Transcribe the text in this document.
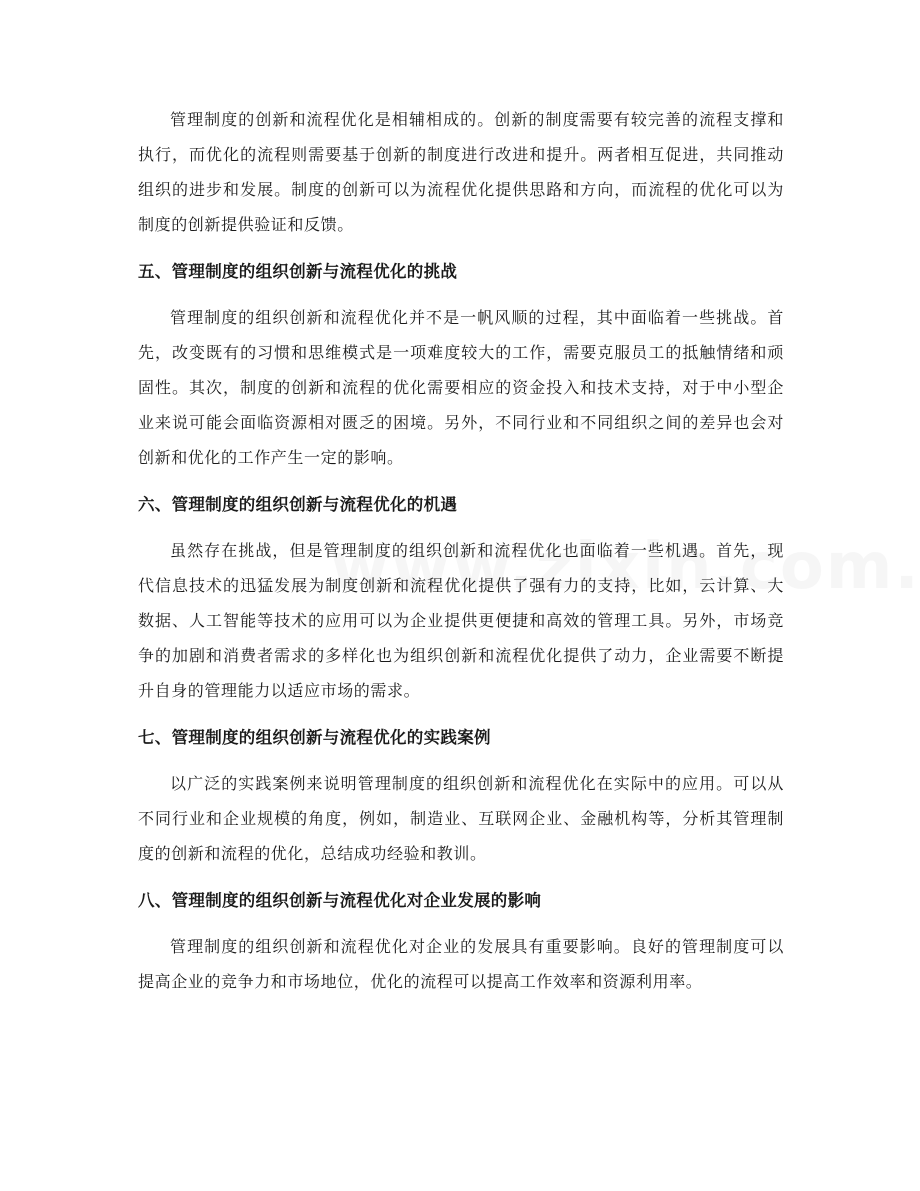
管理制度的创新和流程优化是相辅相成的。创新的制度需要有较完善的流程支撑和执行，而优化的流程则需要基于创新的制度进行改进和提升。两者相互促进，共同推动组织的进步和发展。制度的创新可以为流程优化提供思路和方向，而流程的优化可以为制度的创新提供验证和反馈。

五、管理制度的组织创新与流程优化的挑战

管理制度的组织创新和流程优化并不是一帆风顺的过程，其中面临着一些挑战。首先，改变既有的习惯和思维模式是一项难度较大的工作，需要克服员工的抵触情绪和顽固性。其次，制度的创新和流程的优化需要相应的资金投入和技术支持，对于中小型企业来说可能会面临资源相对匮乏的困境。另外，不同行业和不同组织之间的差异也会对创新和优化的工作产生一定的影响。

六、管理制度的组织创新与流程优化的机遇

虽然存在挑战，但是管理制度的组织创新和流程优化也面临着一些机遇。首先，现代信息技术的迅猛发展为制度创新和流程优化提供了强有力的支持，比如，云计算、大数据、人工智能等技术的应用可以为企业提供更便捷和高效的管理工具。另外，市场竞争的加剧和消费者需求的多样化也为组织创新和流程优化提供了动力，企业需要不断提升自身的管理能力以适应市场的需求。

七、管理制度的组织创新与流程优化的实践案例

以广泛的实践案例来说明管理制度的组织创新和流程优化在实际中的应用。可以从不同行业和企业规模的角度，例如，制造业、互联网企业、金融机构等，分析其管理制度的创新和流程的优化，总结成功经验和教训。

八、管理制度的组织创新与流程优化对企业发展的影响

管理制度的组织创新和流程优化对企业的发展具有重要影响。良好的管理制度可以提高企业的竞争力和市场地位，优化的流程可以提高工作效率和资源利用率。
